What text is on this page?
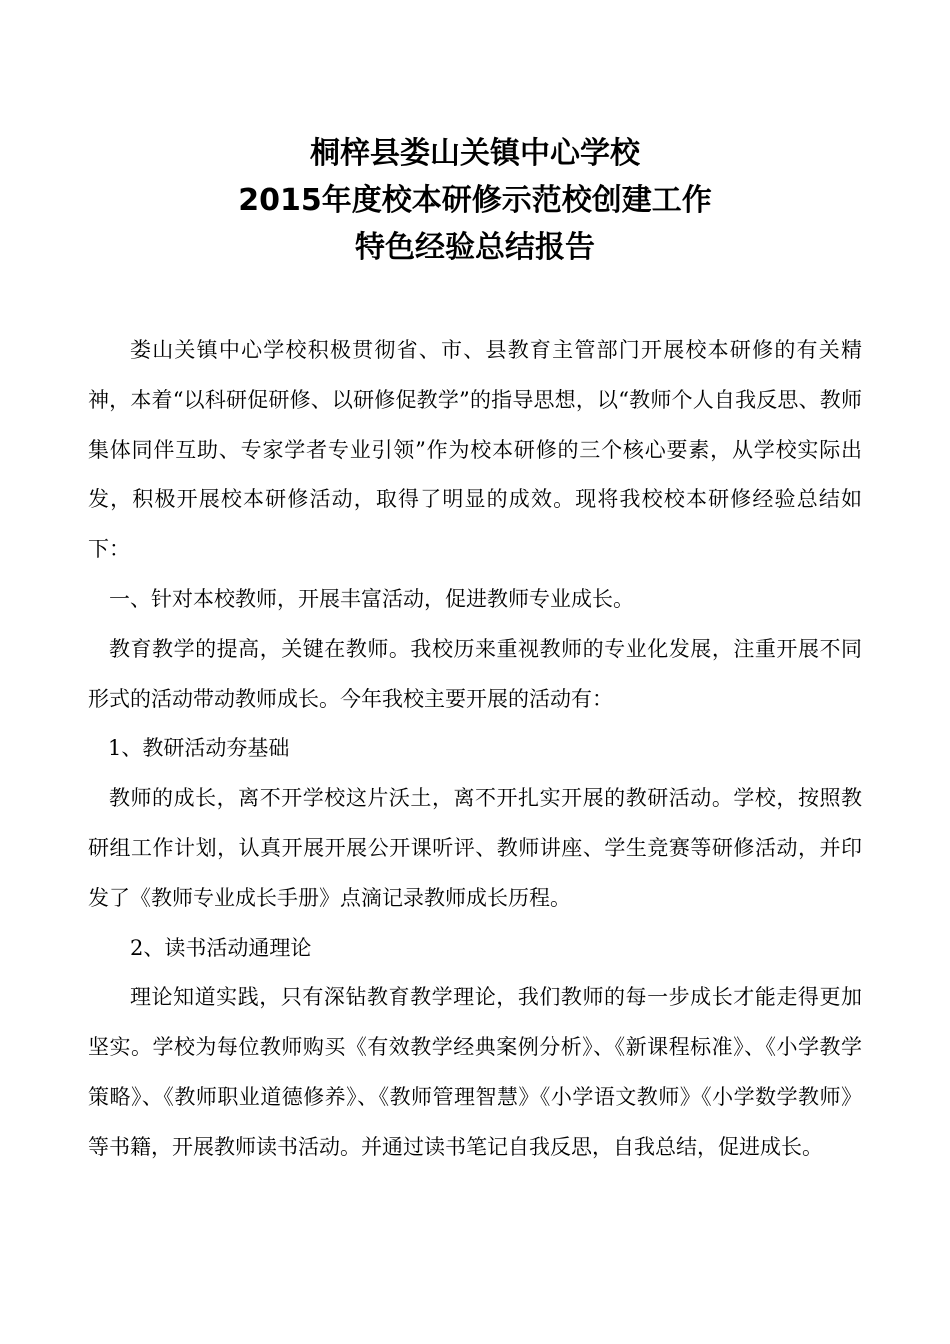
桐梓县娄山关镇中心学校
2015年度校本研修示范校创建工作
特色经验总结报告

娄山关镇中心学校积极贯彻省、市、县教育主管部门开展校本研修的有关精神，本着“以科研促研修、以研修促教学”的指导思想，以“教师个人自我反思、教师集体同伴互助、专家学者专业引领”作为校本研修的三个核心要素，从学校实际出发，积极开展校本研修活动，取得了明显的成效。现将我校校本研修经验总结如下：

一、针对本校教师，开展丰富活动，促进教师专业成长。

教育教学的提高，关键在教师。我校历来重视教师的专业化发展，注重开展不同形式的活动带动教师成长。今年我校主要开展的活动有：

1、教研活动夯基础

教师的成长，离不开学校这片沃土，离不开扎实开展的教研活动。学校，按照教研组工作计划，认真开展开展公开课听评、教师讲座、学生竞赛等研修活动，并印发了《教师专业成长手册》点滴记录教师成长历程。

2、读书活动通理论

理论知道实践，只有深钻教育教学理论，我们教师的每一步成长才能走得更加坚实。学校为每位教师购买《有效教学经典案例分析》、《新课程标准》、《小学教学策略》、《教师职业道德修养》、《教师管理智慧》《小学语文教师》《小学数学教师》等书籍，开展教师读书活动。并通过读书笔记自我反思，自我总结，促进成长。
